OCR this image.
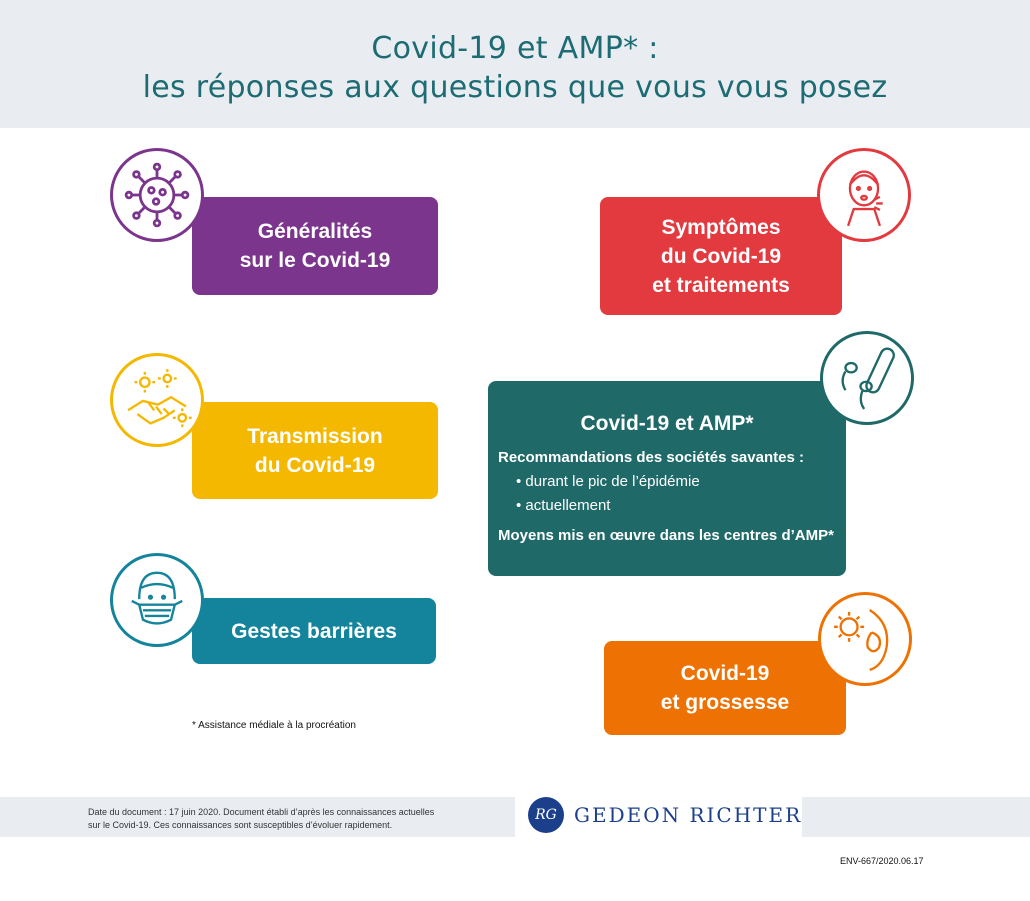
Covid-19 et AMP* :
les réponses aux questions que vous vous posez
Généralités
sur le Covid-19
Symptômes
du Covid-19
et traitements
Transmission
du Covid-19
Covid-19 et AMP*
Recommandations des sociétés savantes :
• durant le pic de l’épidémie
• actuellement
Moyens mis en œuvre dans les centres d’AMP*
Gestes barrières
Covid-19
et grossesse
* Assistance médiale à la procréation
Date du document : 17 juin 2020. Document établi d’après les connaissances actuelles
sur le Covid-19. Ces connaissances sont susceptibles d’évoluer rapidement.
RG GEDEON RICHTER
ENV-667/2020.06.17
